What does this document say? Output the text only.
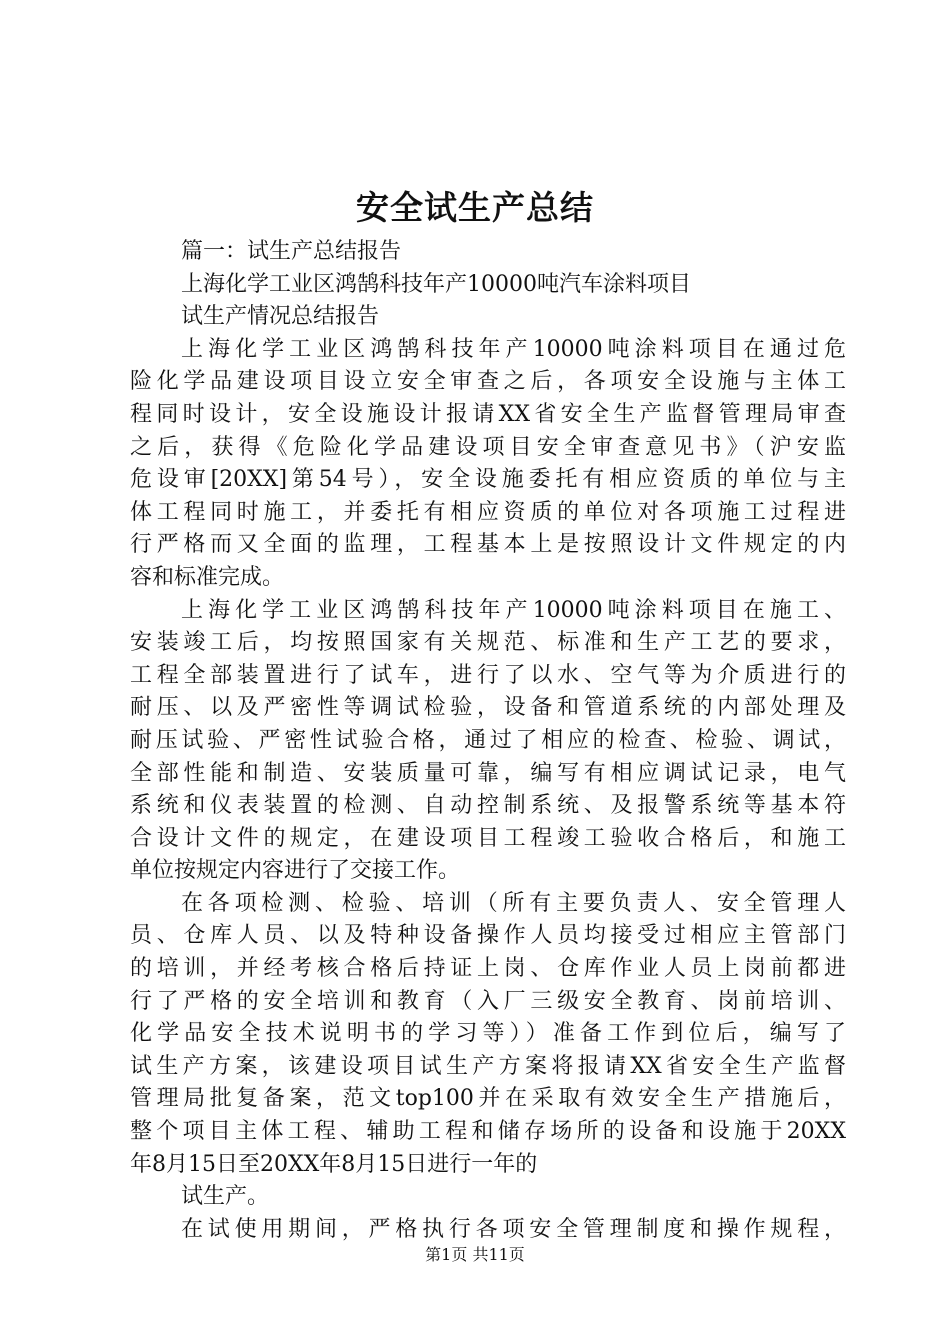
安全试生产总结
篇一：试生产总结报告
上海化学工业区鸿鹄科技年产10000吨汽车涂料项目
试生产情况总结报告
上海化学工业区鸿鹄科技年产10000吨涂料项目在通过危
险化学品建设项目设立安全审查之后，各项安全设施与主体工
程同时设计，安全设施设计报请XX省安全生产监督管理局审查
之后，获得《危险化学品建设项目安全审查意见书》（沪安监
危设审[20XX]第54号），安全设施委托有相应资质的单位与主
体工程同时施工，并委托有相应资质的单位对各项施工过程进
行严格而又全面的监理，工程基本上是按照设计文件规定的内
容和标准完成。
上海化学工业区鸿鹄科技年产10000吨涂料项目在施工、
安装竣工后，均按照国家有关规范、标准和生产工艺的要求，
工程全部装置进行了试车，进行了以水、空气等为介质进行的
耐压、以及严密性等调试检验，设备和管道系统的内部处理及
耐压试验、严密性试验合格，通过了相应的检查、检验、调试，
全部性能和制造、安装质量可靠，编写有相应调试记录，电气
系统和仪表装置的检测、自动控制系统、及报警系统等基本符
合设计文件的规定，在建设项目工程竣工验收合格后，和施工
单位按规定内容进行了交接工作。
在各项检测、检验、培训（所有主要负责人、安全管理人
员、仓库人员、以及特种设备操作人员均接受过相应主管部门
的培训，并经考核合格后持证上岗、仓库作业人员上岗前都进
行了严格的安全培训和教育（入厂三级安全教育、岗前培训、
化学品安全技术说明书的学习等））准备工作到位后，编写了
试生产方案，该建设项目试生产方案将报请XX省安全生产监督
管理局批复备案，范文top100并在采取有效安全生产措施后，
整个项目主体工程、辅助工程和储存场所的设备和设施于20XX
年8月15日至20XX年8月15日进行一年的
试生产。
在试使用期间，严格执行各项安全管理制度和操作规程，
第1页 共11页
